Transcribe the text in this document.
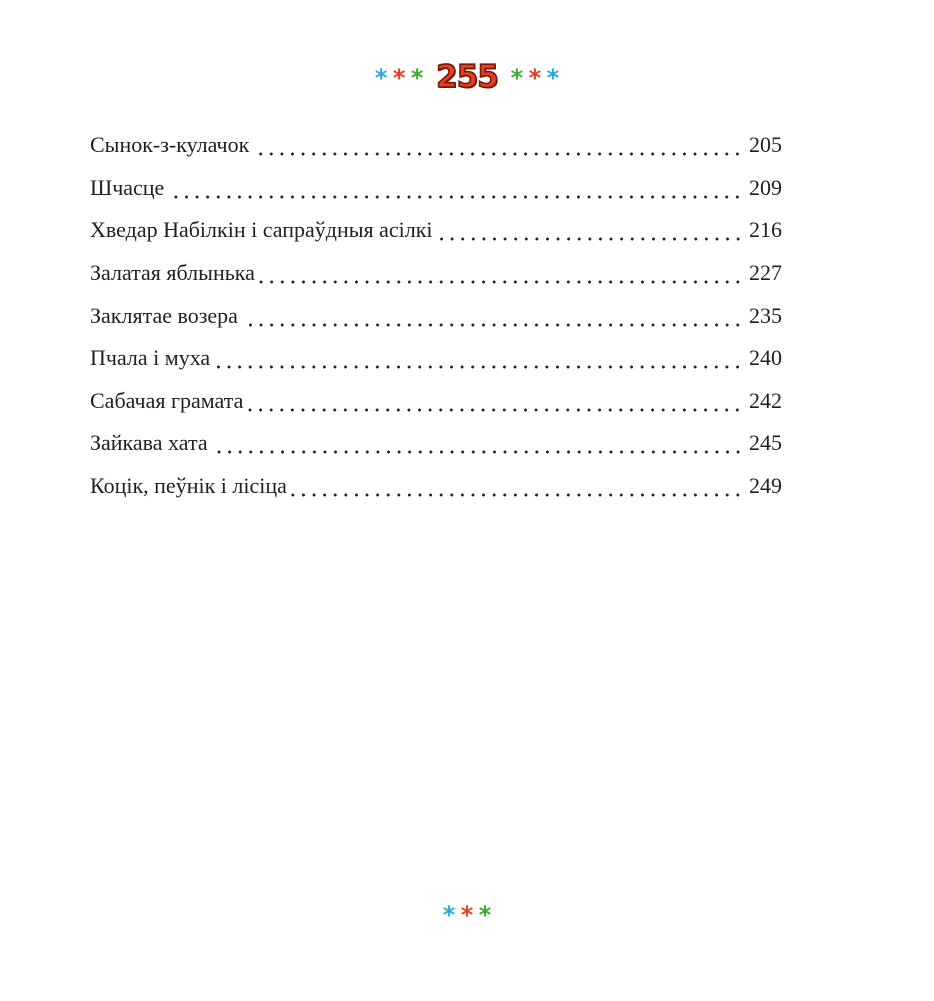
* * * 255 * * *
Сынок-з-кулачок	205
Шчасце	209
Хведар Набілкін і сапраўдныя асілкі	216
Залатая яблынька	227
Заклятае возера	235
Пчала і муха	240
Сабачая грамата	242
Зайкава хата	245
Коцік, пеўнік і лісіца	249
* * *
